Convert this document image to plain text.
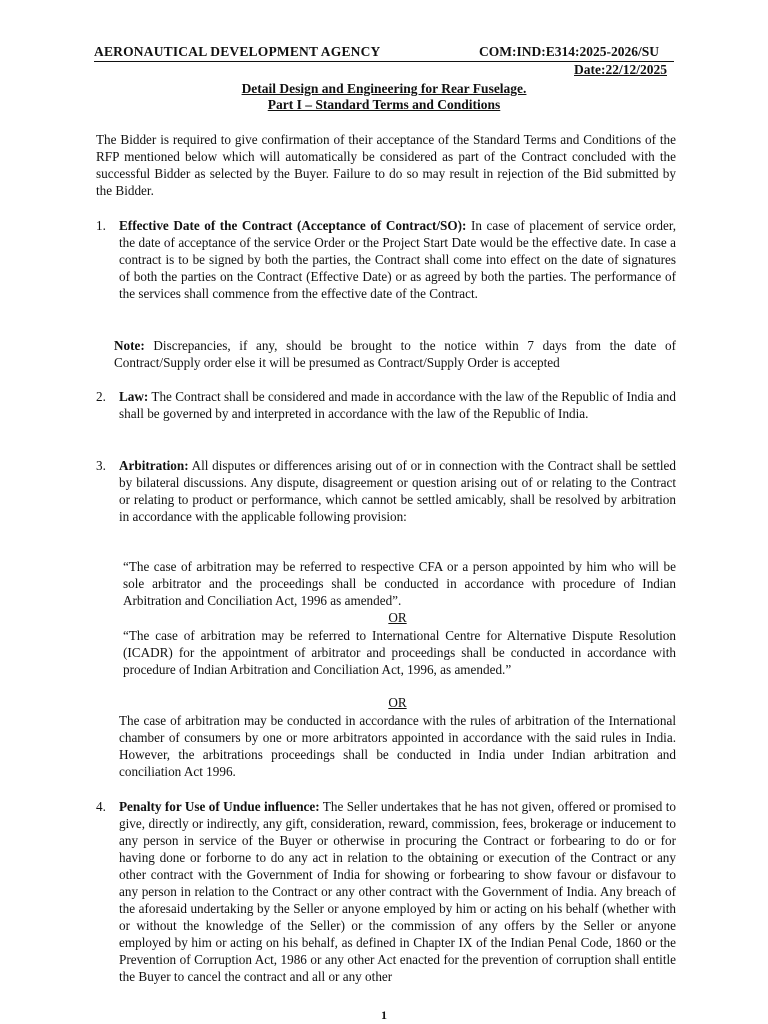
AERONAUTICAL DEVELOPMENT AGENCY	COM:IND:E314:2025-2026/SU
Date:22/12/2025
Detail Design and Engineering for Rear Fuselage.
Part I – Standard Terms and Conditions
The Bidder is required to give confirmation of their acceptance of the Standard Terms and Conditions of the RFP mentioned below which will automatically be considered as part of the Contract concluded with the successful Bidder as selected by the Buyer. Failure to do so may result in rejection of the Bid submitted by the Bidder.
1. Effective Date of the Contract (Acceptance of Contract/SO): In case of placement of service order, the date of acceptance of the service Order or the Project Start Date would be the effective date. In case a contract is to be signed by both the parties, the Contract shall come into effect on the date of signatures of both the parties on the Contract (Effective Date) or as agreed by both the parties. The performance of the services shall commence from the effective date of the Contract.
Note: Discrepancies, if any, should be brought to the notice within 7 days from the date of Contract/Supply order else it will be presumed as Contract/Supply Order is accepted
2. Law: The Contract shall be considered and made in accordance with the law of the Republic of India and shall be governed by and interpreted in accordance with the law of the Republic of India.
3. Arbitration: All disputes or differences arising out of or in connection with the Contract shall be settled by bilateral discussions. Any dispute, disagreement or question arising out of or relating to the Contract or relating to product or performance, which cannot be settled amicably, shall be resolved by arbitration in accordance with the applicable following provision:
“The case of arbitration may be referred to respective CFA or a person appointed by him who will be sole arbitrator and the proceedings shall be conducted in accordance with procedure of Indian Arbitration and Conciliation Act, 1996 as amended”.
OR
“The case of arbitration may be referred to International Centre for Alternative Dispute Resolution (ICADR) for the appointment of arbitrator and proceedings shall be conducted in accordance with procedure of Indian Arbitration and Conciliation Act, 1996, as amended.”
OR
The case of arbitration may be conducted in accordance with the rules of arbitration of the International chamber of consumers by one or more arbitrators appointed in accordance with the said rules in India. However, the arbitrations proceedings shall be conducted in India under Indian arbitration and conciliation Act 1996.
4. Penalty for Use of Undue influence: The Seller undertakes that he has not given, offered or promised to give, directly or indirectly, any gift, consideration, reward, commission, fees, brokerage or inducement to any person in service of the Buyer or otherwise in procuring the Contract or forbearing to do or for having done or forborne to do any act in relation to the obtaining or execution of the Contract or any other contract with the Government of India for showing or forbearing to show favour or disfavour to any person in relation to the Contract or any other contract with the Government of India. Any breach of the aforesaid undertaking by the Seller or anyone employed by him or acting on his behalf (whether with or without the knowledge of the Seller) or the commission of any offers by the Seller or anyone employed by him or acting on his behalf, as defined in Chapter IX of the Indian Penal Code, 1860 or the Prevention of Corruption Act, 1986 or any other Act enacted for the prevention of corruption shall entitle the Buyer to cancel the contract and all or any other
1
